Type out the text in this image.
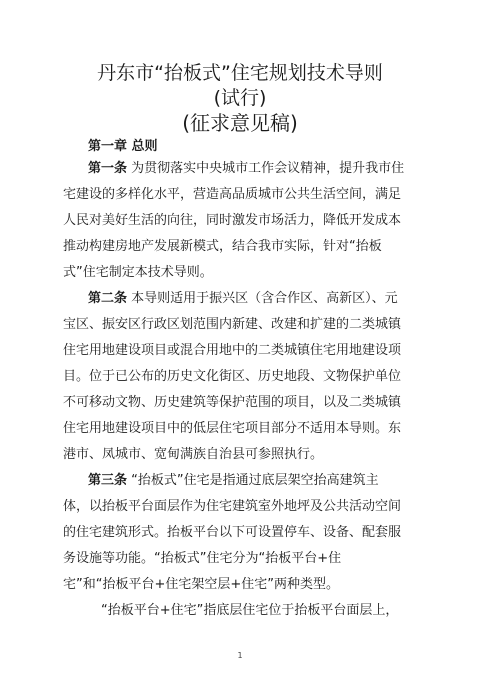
丹东市“抬板式”住宅规划技术导则
(试行)
(征求意见稿)
第一章 总则
第一条 为贯彻落实中央城市工作会议精神，提升我市住
宅建设的多样化水平，营造高品质城市公共生活空间，满足
人民对美好生活的向往，同时激发市场活力，降低开发成本
推动构建房地产发展新模式，结合我市实际，针对“抬板
式”住宅制定本技术导则。
第二条 本导则适用于振兴区（含合作区、高新区）、元
宝区、振安区行政区划范围内新建、改建和扩建的二类城镇
住宅用地建设项目或混合用地中的二类城镇住宅用地建设项
目。位于已公布的历史文化街区、历史地段、文物保护单位
不可移动文物、历史建筑等保护范围的项目，以及二类城镇
住宅用地建设项目中的低层住宅项目部分不适用本导则。东
港市、凤城市、宽甸满族自治县可参照执行。
第三条 “抬板式”住宅是指通过底层架空抬高建筑主
体，以抬板平台面层作为住宅建筑室外地坪及公共活动空间
的住宅建筑形式。抬板平台以下可设置停车、设备、配套服
务设施等功能。“抬板式”住宅分为“抬板平台+住
宅”和“抬板平台+住宅架空层+住宅”两种类型。
“抬板平台+住宅”指底层住宅位于抬板平台面层上，
1
